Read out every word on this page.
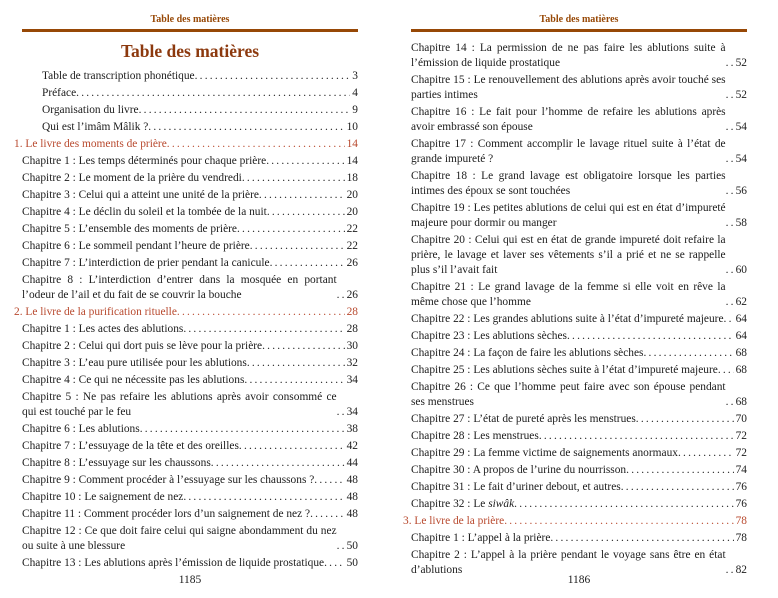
Table des matières
Table des matières
Table de transcription phonétique .....	3
Préface .....	4
Organisation du livre .....	9
Qui est l’imâm Mâlik ? .....	10
1. Le livre des moments de prière .....	14
Chapitre 1 : Les temps déterminés pour chaque prière .....	14
Chapitre 2 : Le moment de la prière du vendredi .....	18
Chapitre 3 : Celui qui a atteint une unité de la prière .....	20
Chapitre 4 : Le déclin du soleil et la tombée de la nuit .....	20
Chapitre 5 : L’ensemble des moments de prière .....	22
Chapitre 6 : Le sommeil pendant l’heure de prière .....	22
Chapitre 7 : L’interdiction de prier pendant la canicule .....	26
Chapitre 8 : L’interdiction d’entrer dans la mosquée en portant l’odeur de l’ail et du fait de se couvrir la bouche .....	26
2. Le livre de la purification rituelle .....	28
Chapitre 1 : Les actes des ablutions .....	28
Chapitre 2 : Celui qui dort puis se lève pour la prière .....	30
Chapitre 3 : L’eau pure utilisée pour les ablutions .....	32
Chapitre 4 : Ce qui ne nécessite pas les ablutions .....	34
Chapitre 5 : Ne pas refaire les ablutions après avoir consommé ce qui est touché par le feu .....	34
Chapitre 6 : Les ablutions .....	38
Chapitre 7 : L’essuyage de la tête et des oreilles .....	42
Chapitre 8 : L’essuyage sur les chaussons .....	44
Chapitre 9 : Comment procéder à l’essuyage sur les chaussons ? .....	48
Chapitre 10 : Le saignement de nez .....	48
Chapitre 11 : Comment procéder lors d’un saignement de nez ? .....	48
Chapitre 12 : Ce que doit faire celui qui saigne abondamment du nez ou suite à une blessure .....	50
Chapitre 13 : Les ablutions après l’émission de liquide prostatique ..... 50
1185
Table des matières
Chapitre 14 : La permission de ne pas faire les ablutions suite à l’émission de liquide prostatique .....	52
Chapitre 15 : Le renouvellement des ablutions après avoir touché ses parties intimes .....	52
Chapitre 16 : Le fait pour l’homme de refaire les ablutions après avoir embrassé son épouse .....	54
Chapitre 17 : Comment accomplir le lavage rituel suite à l’état de grande impureté ? .....	54
Chapitre 18 : Le grand lavage est obligatoire lorsque les parties intimes des époux se sont touchées .....	56
Chapitre 19 : Les petites ablutions de celui qui est en état d’impureté majeure pour dormir ou manger .....	58
Chapitre 20 : Celui qui est en état de grande impureté doit refaire la prière, le lavage et laver ses vêtements s’il a prié et ne se rappelle plus s’il l’avait fait .....	60
Chapitre 21 : Le grand lavage de la femme si elle voit en rêve la même chose que l’homme .....	62
Chapitre 22 : Les grandes ablutions suite à l’état d’impureté majeure ..... 64
Chapitre 23 : Les ablutions sèches .....	64
Chapitre 24 : La façon de faire les ablutions sèches .....	68
Chapitre 25 : Les ablutions sèches suite à l’état d’impureté majeure ..... 68
Chapitre 26 : Ce que l’homme peut faire avec son épouse pendant ses menstrues .....	68
Chapitre 27 : L’état de pureté après les menstrues .....	70
Chapitre 28 : Les menstrues .....	72
Chapitre 29 : La femme victime de saignements anormaux .....	72
Chapitre 30 : A propos de l’urine du nourrisson .....	74
Chapitre 31 : Le fait d’uriner debout, et autres .....	76
Chapitre 32 : Le siwâk .....	76
3. Le livre de la prière .....	78
Chapitre 1 : L’appel à la prière .....	78
Chapitre 2 : L’appel à la prière pendant le voyage sans être en état d’ablutions .....	82
1186
